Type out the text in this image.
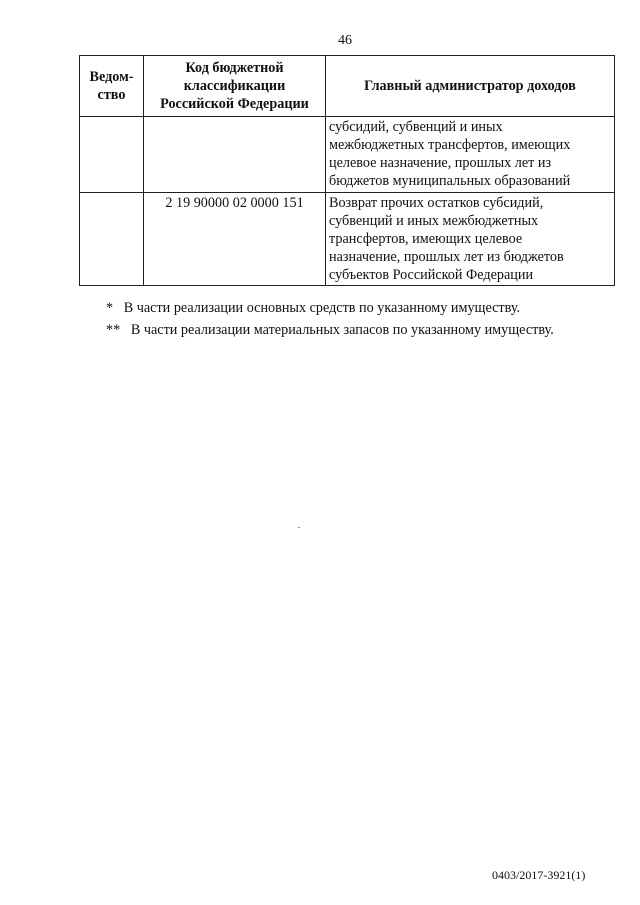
46
Ведом-
ство	Код бюджетной классификации Российской Федерации	Главный администратор доходов
		субсидий, субвенций и иных
межбюджетных трансфертов, имеющих
целевое назначение, прошлых лет из
бюджетов муниципальных образований
	2 19 90000 02 0000 151	Возврат прочих остатков субсидий,
субвенций и иных межбюджетных
трансфертов, имеющих целевое
назначение, прошлых лет из бюджетов
субъектов Российской Федерации
*   В части реализации основных средств по указанному имуществу.
**   В части реализации материальных запасов по указанному имуществу.
0403/2017-3921(1)
